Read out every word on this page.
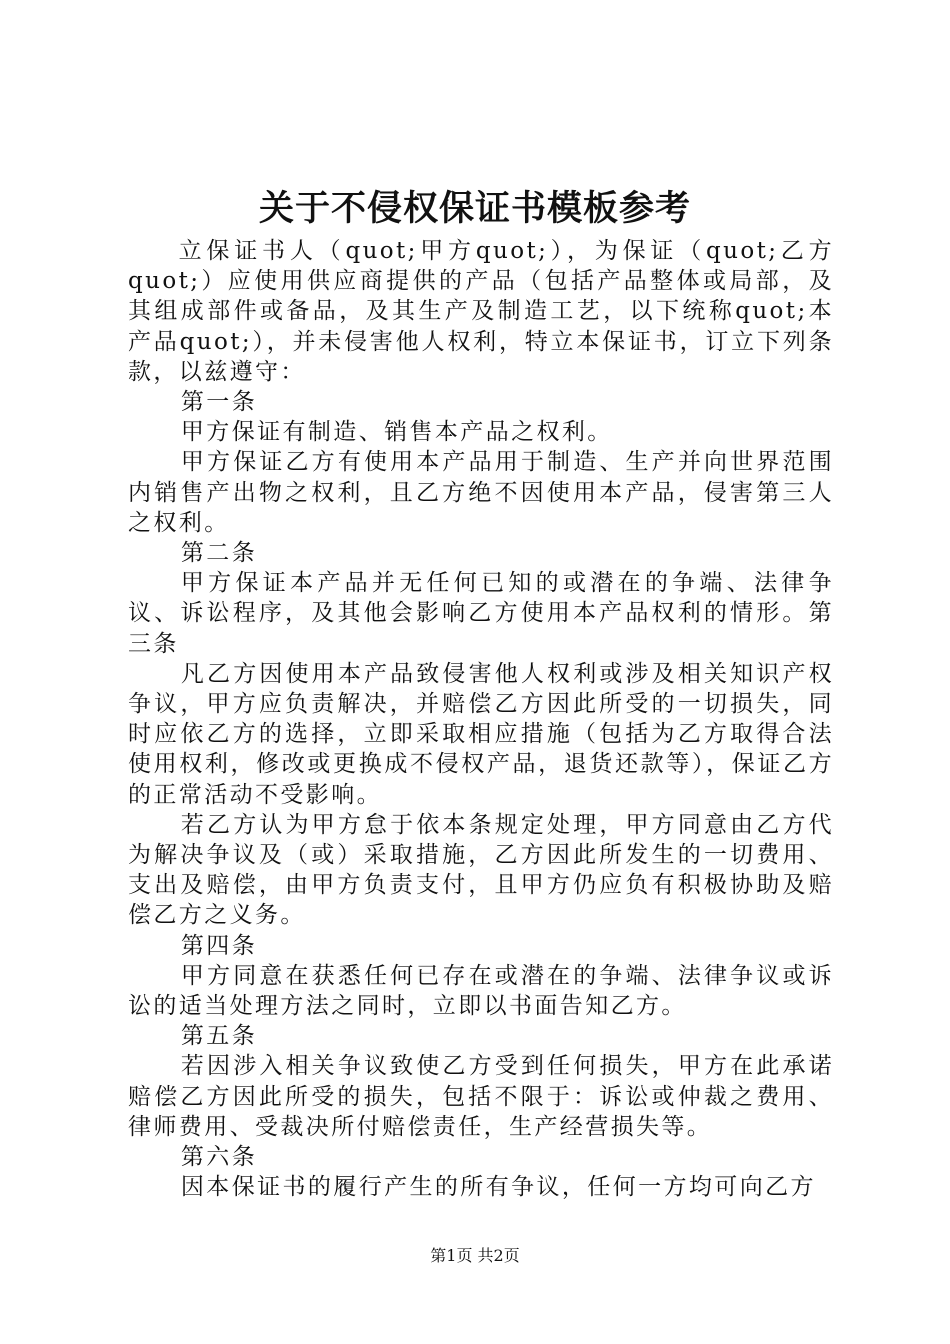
关于不侵权保证书模板参考

立保证书人（quot;甲方quot;），为保证（quot;乙方quot;）应使用供应商提供的产品（包括产品整体或局部，及其组成部件或备品，及其生产及制造工艺，以下统称quot;本产品quot;），并未侵害他人权利，特立本保证书，订立下列条款，以兹遵守：

第一条

甲方保证有制造、销售本产品之权利。

甲方保证乙方有使用本产品用于制造、生产并向世界范围内销售产出物之权利，且乙方绝不因使用本产品，侵害第三人之权利。

第二条

甲方保证本产品并无任何已知的或潜在的争端、法律争议、诉讼程序，及其他会影响乙方使用本产品权利的情形。第三条

凡乙方因使用本产品致侵害他人权利或涉及相关知识产权争议，甲方应负责解决，并赔偿乙方因此所受的一切损失，同时应依乙方的选择，立即采取相应措施（包括为乙方取得合法使用权利，修改或更换成不侵权产品，退货还款等），保证乙方的正常活动不受影响。

若乙方认为甲方怠于依本条规定处理，甲方同意由乙方代为解决争议及（或）采取措施，乙方因此所发生的一切费用、支出及赔偿，由甲方负责支付，且甲方仍应负有积极协助及赔偿乙方之义务。

第四条

甲方同意在获悉任何已存在或潜在的争端、法律争议或诉讼的适当处理方法之同时，立即以书面告知乙方。

第五条

若因涉入相关争议致使乙方受到任何损失，甲方在此承诺赔偿乙方因此所受的损失，包括不限于：诉讼或仲裁之费用、律师费用、受裁决所付赔偿责任，生产经营损失等。

第六条

因本保证书的履行产生的所有争议，任何一方均可向乙方

第1页 共2页
